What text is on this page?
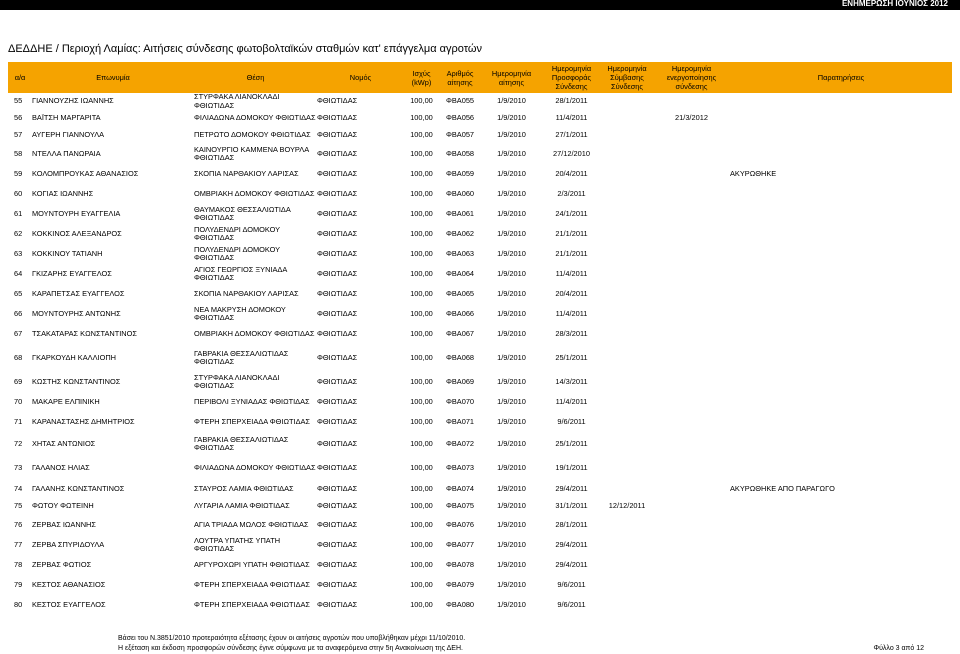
ΕΝΗΜΕΡΩΣΗ ΙΟΥΝΙΟΣ 2012
ΔΕΔΔΗΕ / Περιοχή Λαμίας: Αιτήσεις σύνδεσης φωτοβολταϊκών σταθμών κατ' επάγγελμα αγροτών
α/α	Επωνυμία	Θέση	Νομός	Ισχύς (kWp)	Αριθμός αίτησης	Ημερομηνία αίτησης	Ημερομηνία Προσφοράς Σύνδεσης	Ημερομηνία Σύμβασης Σύνδεσης	Ημερομηνία ενεργοποίησης σύνδεσης	Παρατηρήσεις
55	ΓΙΑΝΝΟΥΖΗΣ ΙΩΑΝΝΗΣ	ΣΤΥΡΦΑΚΑ ΛΙΑΝΟΚΛΑΔΙ ΦΘΙΩΤΙΔΑΣ	ΦΘΙΩΤΙΔΑΣ	100,00	ΦΒΑ055	1/9/2010	28/1/2011			
56	ΒΑΪΤΣΗ ΜΑΡΓΑΡΙΤΑ	ΦΙΛΙΑΔΩΝΑ ΔΟΜΟΚΟΥ ΦΘΙΩΤΙΔΑΣ	ΦΘΙΩΤΙΔΑΣ	100,00	ΦΒΑ056	1/9/2010	11/4/2011		21/3/2012	
57	ΑΥΓΕΡΗ ΓΙΑΝΝΟΥΛΑ	ΠΕΤΡΩΤΟ ΔΟΜΟΚΟΥ ΦΘΙΩΤΙΔΑΣ	ΦΘΙΩΤΙΔΑΣ	100,00	ΦΒΑ057	1/9/2010	27/1/2011			
58	ΝΤΕΛΛΑ ΠΑΝΩΡΑΙΑ	ΚΑΙΝΟΥΡΓΙΟ ΚΑΜΜΕΝΑ ΒΟΥΡΛΑ ΦΘΙΩΤΙΔΑΣ	ΦΘΙΩΤΙΔΑΣ	100,00	ΦΒΑ058	1/9/2010	27/12/2010			
59	ΚΟΛΟΜΠΡΟΥΚΑΣ ΑΘΑΝΑΣΙΟΣ	ΣΚΟΠΙΑ ΝΑΡΘΑΚΙΟΥ ΛΑΡΙΣΑΣ	ΦΘΙΩΤΙΔΑΣ	100,00	ΦΒΑ059	1/9/2010	20/4/2011			ΑΚΥΡΩΘΗΚΕ
60	ΚΟΓΙΑΣ ΙΩΑΝΝΗΣ	ΟΜΒΡΙΑΚΗ ΔΟΜΟΚΟΥ ΦΘΙΩΤΙΔΑΣ	ΦΘΙΩΤΙΔΑΣ	100,00	ΦΒΑ060	1/9/2010	2/3/2011			
61	ΜΟΥΝΤΟΥΡΗ ΕΥΑΓΓΕΛΙΑ	ΘΑΥΜΑΚΟΣ ΘΕΣΣΑΛΙΩΤΙΔΑ ΦΘΙΩΤΙΔΑΣ	ΦΘΙΩΤΙΔΑΣ	100,00	ΦΒΑ061	1/9/2010	24/1/2011			
62	ΚΟΚΚΙΝΟΣ ΑΛΕΞΑΝΔΡΟΣ	ΠΟΛΥΔΕΝΔΡΙ ΔΟΜΟΚΟΥ ΦΘΙΩΤΙΔΑΣ	ΦΘΙΩΤΙΔΑΣ	100,00	ΦΒΑ062	1/9/2010	21/1/2011			
63	ΚΟΚΚΙΝΟΥ ΤΑΤΙΑΝΗ	ΠΟΛΥΔΕΝΔΡΙ ΔΟΜΟΚΟΥ ΦΘΙΩΤΙΔΑΣ	ΦΘΙΩΤΙΔΑΣ	100,00	ΦΒΑ063	1/9/2010	21/1/2011			
64	ΓΚΙΖΑΡΗΣ ΕΥΑΓΓΕΛΟΣ	ΑΓΙΟΣ ΓΕΩΡΓΙΟΣ ΞΥΝΙΑΔΑ ΦΘΙΩΤΙΔΑΣ	ΦΘΙΩΤΙΔΑΣ	100,00	ΦΒΑ064	1/9/2010	11/4/2011			
65	ΚΑΡΑΠΕΤΣΑΣ ΕΥΑΓΓΕΛΟΣ	ΣΚΟΠΙΑ ΝΑΡΘΑΚΙΟΥ ΛΑΡΙΣΑΣ	ΦΘΙΩΤΙΔΑΣ	100,00	ΦΒΑ065	1/9/2010	20/4/2011			
66	ΜΟΥΝΤΟΥΡΗΣ ΑΝΤΩΝΗΣ	ΝΕΑ ΜΑΚΡΥΣΗ ΔΟΜΟΚΟΥ ΦΘΙΩΤΙΔΑΣ	ΦΘΙΩΤΙΔΑΣ	100,00	ΦΒΑ066	1/9/2010	11/4/2011			
67	ΤΣΑΚΑΤΑΡΑΣ ΚΩΝΣΤΑΝΤΙΝΟΣ	ΟΜΒΡΙΑΚΗ ΔΟΜΟΚΟΥ ΦΘΙΩΤΙΔΑΣ	ΦΘΙΩΤΙΔΑΣ	100,00	ΦΒΑ067	1/9/2010	28/3/2011			
68	ΓΚΑΡΚΟΥΔΗ ΚΑΛΛΙΟΠΗ	ΓΑΒΡΑΚΙΑ ΘΕΣΣΑΛΙΩΤΙΔΑΣ ΦΘΙΩΤΙΔΑΣ	ΦΘΙΩΤΙΔΑΣ	100,00	ΦΒΑ068	1/9/2010	25/1/2011			
69	ΚΩΣΤΗΣ ΚΩΝΣΤΑΝΤΙΝΟΣ	ΣΤΥΡΦΑΚΑ ΛΙΑΝΟΚΛΑΔΙ ΦΘΙΩΤΙΔΑΣ	ΦΘΙΩΤΙΔΑΣ	100,00	ΦΒΑ069	1/9/2010	14/3/2011			
70	ΜΑΚΑΡΕ ΕΛΠΙΝΙΚΗ	ΠΕΡΙΒΟΛΙ ΞΥΝΙΑΔΑΣ ΦΘΙΩΤΙΔΑΣ	ΦΘΙΩΤΙΔΑΣ	100,00	ΦΒΑ070	1/9/2010	11/4/2011			
71	ΚΑΡΑΝΑΣΤΑΣΗΣ ΔΗΜΗΤΡΙΟΣ	ΦΤΕΡΗ ΣΠΕΡΧΕΙΑΔΑ ΦΘΙΩΤΙΔΑΣ	ΦΘΙΩΤΙΔΑΣ	100,00	ΦΒΑ071	1/9/2010	9/6/2011			
72	ΧΗΤΑΣ ΑΝΤΩΝΙΟΣ	ΓΑΒΡΑΚΙΑ ΘΕΣΣΑΛΙΩΤΙΔΑΣ ΦΘΙΩΤΙΔΑΣ	ΦΘΙΩΤΙΔΑΣ	100,00	ΦΒΑ072	1/9/2010	25/1/2011			
73	ΓΑΛΑΝΟΣ ΗΛΙΑΣ	ΦΙΛΙΑΔΩΝΑ ΔΟΜΟΚΟΥ ΦΘΙΩΤΙΔΑΣ	ΦΘΙΩΤΙΔΑΣ	100,00	ΦΒΑ073	1/9/2010	19/1/2011			
74	ΓΑΛΑΝΗΣ ΚΩΝΣΤΑΝΤΙΝΟΣ	ΣΤΑΥΡΟΣ ΛΑΜΙΑ ΦΘΙΩΤΙΔΑΣ	ΦΘΙΩΤΙΔΑΣ	100,00	ΦΒΑ074	1/9/2010	29/4/2011			ΑΚΥΡΩΘΗΚΕ ΑΠΟ ΠΑΡΑΓΩΓΟ
75	ΦΩΤΟΥ ΦΩΤΕΙΝΗ	ΛΥΓΑΡΙΑ ΛΑΜΙΑ ΦΘΙΩΤΙΔΑΣ	ΦΘΙΩΤΙΔΑΣ	100,00	ΦΒΑ075	1/9/2010	31/1/2011	12/12/2011		
76	ΖΕΡΒΑΣ ΙΩΑΝΝΗΣ	ΑΓΙΑ ΤΡΙΑΔΑ ΜΩΛΟΣ ΦΘΙΩΤΙΔΑΣ	ΦΘΙΩΤΙΔΑΣ	100,00	ΦΒΑ076	1/9/2010	28/1/2011			
77	ΖΕΡΒΑ ΣΠΥΡΙΔΟΥΛΑ	ΛΟΥΤΡΑ ΥΠΑΤΗΣ ΥΠΑΤΗ ΦΘΙΩΤΙΔΑΣ	ΦΘΙΩΤΙΔΑΣ	100,00	ΦΒΑ077	1/9/2010	29/4/2011			
78	ΖΕΡΒΑΣ ΦΩΤΙΟΣ	ΑΡΓΥΡΟΧΩΡΙ ΥΠΑΤΗ ΦΘΙΩΤΙΔΑΣ	ΦΘΙΩΤΙΔΑΣ	100,00	ΦΒΑ078	1/9/2010	29/4/2011			
79	ΚΕΣΤΟΣ ΑΘΑΝΑΣΙΟΣ	ΦΤΕΡΗ ΣΠΕΡΧΕΙΑΔΑ ΦΘΙΩΤΙΔΑΣ	ΦΘΙΩΤΙΔΑΣ	100,00	ΦΒΑ079	1/9/2010	9/6/2011			
80	ΚΕΣΤΟΣ ΕΥΑΓΓΕΛΟΣ	ΦΤΕΡΗ ΣΠΕΡΧΕΙΑΔΑ ΦΘΙΩΤΙΔΑΣ	ΦΘΙΩΤΙΔΑΣ	100,00	ΦΒΑ080	1/9/2010	9/6/2011			
Βάσει του Ν.3851/2010 προτεραιότητα εξέτασης έχουν οι αιτήσεις αγροτών που υποβλήθηκαν μέχρι 11/10/2010.
Η εξέταση και έκδοση προσφορών σύνδεσης έγινε σύμφωνα με τα αναφερόμενα στην 5η Ανακοίνωση της ΔΕΗ.	Φύλλο 3 από 12
